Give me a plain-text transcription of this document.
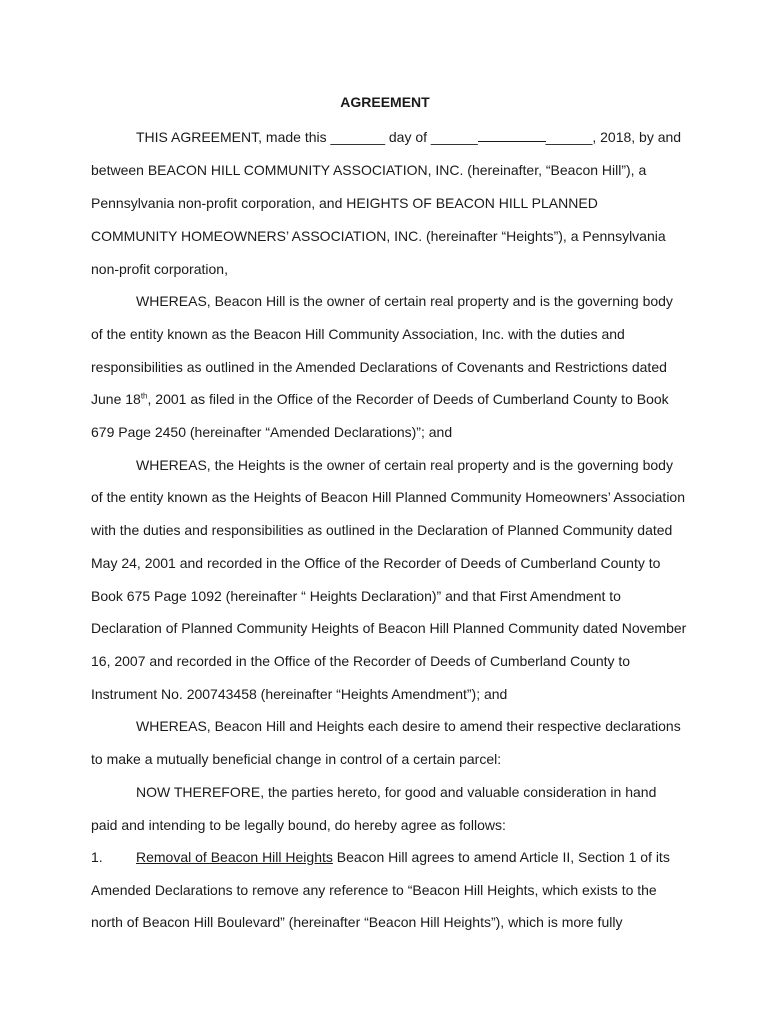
AGREEMENT
THIS AGREEMENT, made this _______ day of ______	______, 2018, by and
between BEACON HILL COMMUNITY ASSOCIATION, INC. (hereinafter, “Beacon Hill”), a
Pennsylvania non-profit corporation, and HEIGHTS OF BEACON HILL PLANNED
COMMUNITY HOMEOWNERS’ ASSOCIATION, INC. (hereinafter “Heights”), a Pennsylvania
non-profit corporation,
WHEREAS, Beacon Hill is the owner of certain real property and is the governing body
of the entity known as the Beacon Hill Community Association, Inc. with the duties and
responsibilities as outlined in the Amended Declarations of Covenants and Restrictions dated
June 18th, 2001 as filed in the Office of the Recorder of Deeds of Cumberland County to Book
679 Page 2450 (hereinafter “Amended Declarations)”; and
WHEREAS, the Heights is the owner of certain real property and is the governing body
of the entity known as the Heights of Beacon Hill Planned Community Homeowners’ Association
with the duties and responsibilities as outlined in the Declaration of Planned Community dated
May 24, 2001 and recorded in the Office of the Recorder of Deeds of Cumberland County to
Book 675 Page 1092 (hereinafter “ Heights Declaration)” and that First Amendment to
Declaration of Planned Community Heights of Beacon Hill Planned Community dated November
16, 2007 and recorded in the Office of the Recorder of Deeds of Cumberland County to
Instrument No. 200743458 (hereinafter “Heights Amendment”); and
WHEREAS, Beacon Hill and Heights each desire to amend their respective declarations
to make a mutually beneficial change in control of a certain parcel:
NOW THEREFORE, the parties hereto, for good and valuable consideration in hand
paid and intending to be legally bound, do hereby agree as follows:
1. Removal of Beacon Hill Heights Beacon Hill agrees to amend Article II, Section 1 of its
Amended Declarations to remove any reference to “Beacon Hill Heights, which exists to the
north of Beacon Hill Boulevard” (hereinafter “Beacon Hill Heights”), which is more fully
